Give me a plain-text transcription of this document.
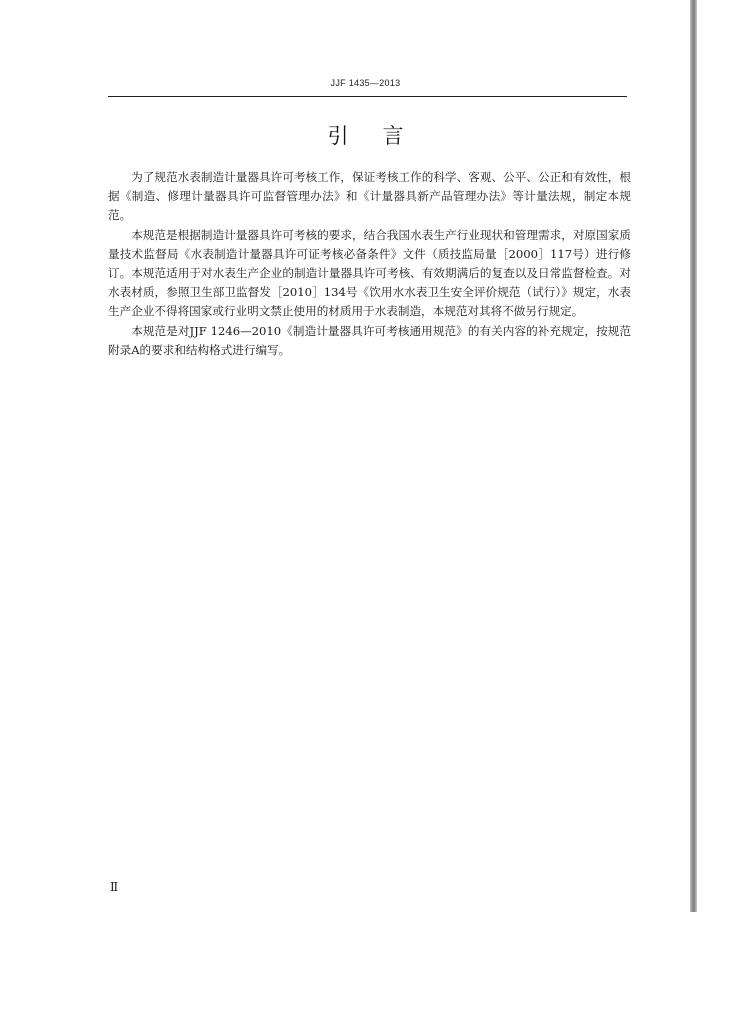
JJF 1435—2013
引言

为了规范水表制造计量器具许可考核工作，保证考核工作的科学、客观、公平、公正和有效性，根据《制造、修理计量器具许可监督管理办法》和《计量器具新产品管理办法》等计量法规，制定本规范。

本规范是根据制造计量器具许可考核的要求，结合我国水表生产行业现状和管理需求，对原国家质量技术监督局《水表制造计量器具许可证考核必备条件》文件（质技监局量［2000］117号）进行修订。本规范适用于对水表生产企业的制造计量器具许可考核、有效期满后的复查以及日常监督检查。对水表材质，参照卫生部卫监督发［2010］134号《饮用水水表卫生安全评价规范（试行）》规定，水表生产企业不得将国家或行业明文禁止使用的材质用于水表制造，本规范对其将不做另行规定。

本规范是对JJF 1246—2010《制造计量器具许可考核通用规范》的有关内容的补充规定，按规范附录A的要求和结构格式进行编写。

Ⅱ
